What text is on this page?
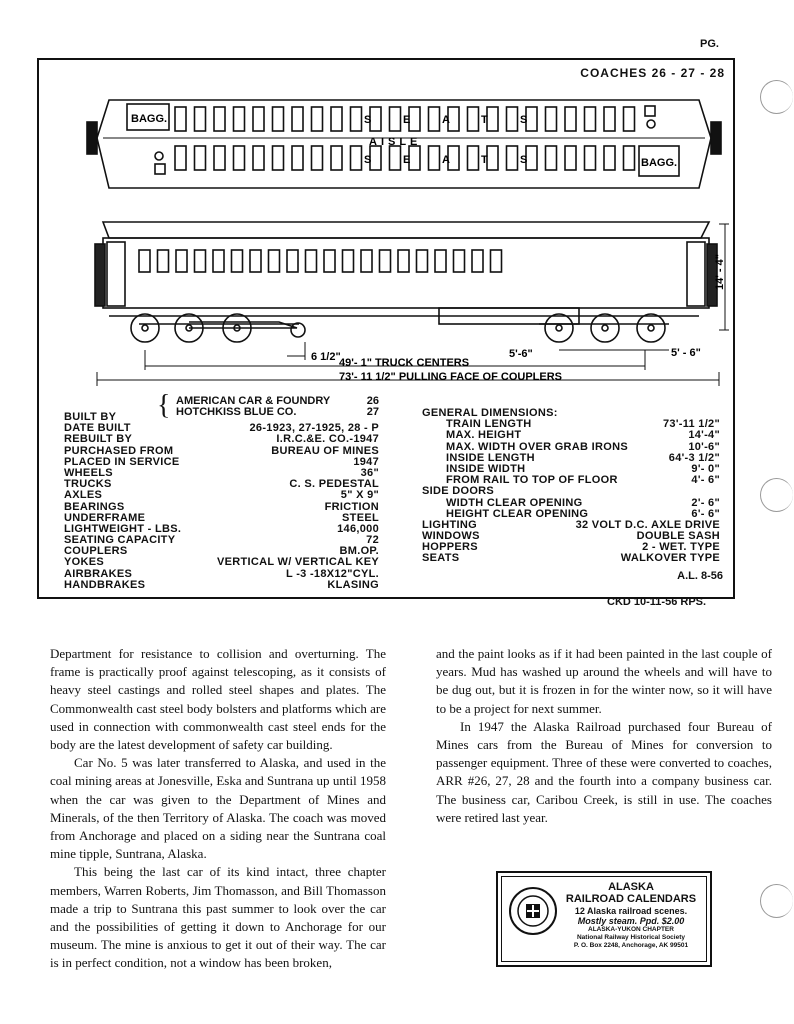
PG.
COACHES 26 - 27 - 28
BAGG.
BAGG.
AISLE
S	E	A	T	S
S	E	A	T	S
14' - 4"
6 1/2"	5'-6"	5' - 6"
49'- 1" TRUCK CENTERS
73'- 11 1/2" PULLING FACE OF COUPLERS
{ AMERICAN CAR & FOUNDRY	26
HOTCHKISS BLUE CO.	27
BUILT BY
DATE BUILT	26-1923, 27-1925, 28 - P
REBUILT BY	I.R.C.&E. CO.-1947
PURCHASED FROM	BUREAU OF MINES
PLACED IN SERVICE	1947
WHEELS	36"
TRUCKS	C. S. PEDESTAL
AXLES	5" X 9"
BEARINGS	FRICTION
UNDERFRAME	STEEL
LIGHTWEIGHT - LBS.	146,000
SEATING CAPACITY	72
COUPLERS	BM.OP.
YOKES	VERTICAL W/ VERTICAL KEY
AIRBRAKES	L -3 -18X12"CYL.
HANDBRAKES	KLASING
GENERAL DIMENSIONS:
TRAIN LENGTH	73'-11 1/2"
MAX. HEIGHT	14'-4"
MAX. WIDTH OVER GRAB IRONS	10'-6"
INSIDE LENGTH	64'-3 1/2"
INSIDE WIDTH	9'- 0"
FROM RAIL TO TOP OF FLOOR	4'- 6"
SIDE DOORS
WIDTH CLEAR OPENING	2'- 6"
HEIGHT CLEAR OPENING	6'- 6"
LIGHTING	32 VOLT D.C. AXLE DRIVE
WINDOWS	DOUBLE SASH
HOPPERS	2 - WET. TYPE
SEATS	WALKOVER TYPE
A.L. 8-56
CKD 10-11-56 RPS.

Department for resistance to collision and overturning. The frame is practically proof against telescoping, as it consists of heavy steel castings and rolled steel shapes and plates. The Commonwealth cast steel body bolsters and platforms which are used in connection with commonwealth cast steel ends for the body are the latest development of safety car building.

Car No. 5 was later transferred to Alaska, and used in the coal mining areas at Jonesville, Eska and Suntrana up until 1958 when the car was given to the Department of Mines and Minerals, of the then Territory of Alaska. The coach was moved from Anchorage and placed on a siding near the Suntrana coal mine tipple, Suntrana, Alaska.

This being the last car of its kind intact, three chapter members, Warren Roberts, Jim Thomasson, and Bill Thomasson made a trip to Suntrana this past summer to look over the car and the possibilities of getting it down to Anchorage for our museum. The mine is anxious to get it out of their way. The car is in perfect condition, not a window has been broken,

and the paint looks as if it had been painted in the last couple of years. Mud has washed up around the wheels and will have to be dug out, but it is frozen in for the winter now, so it will have to be a project for next summer.

In 1947 the Alaska Railroad purchased four Bureau of Mines cars from the Bureau of Mines for conversion to passenger equipment. Three of these were converted to coaches, ARR #26, 27, 28 and the fourth into a company business car. The business car, Caribou Creek, is still in use. The coaches were retired last year.

ALASKA
RAILROAD CALENDARS
12 Alaska railroad scenes.
Mostly steam. Ppd. $2.00
ALASKA-YUKON CHAPTER
National Railway Historical Society
P. O. Box 2248, Anchorage, AK 99501
